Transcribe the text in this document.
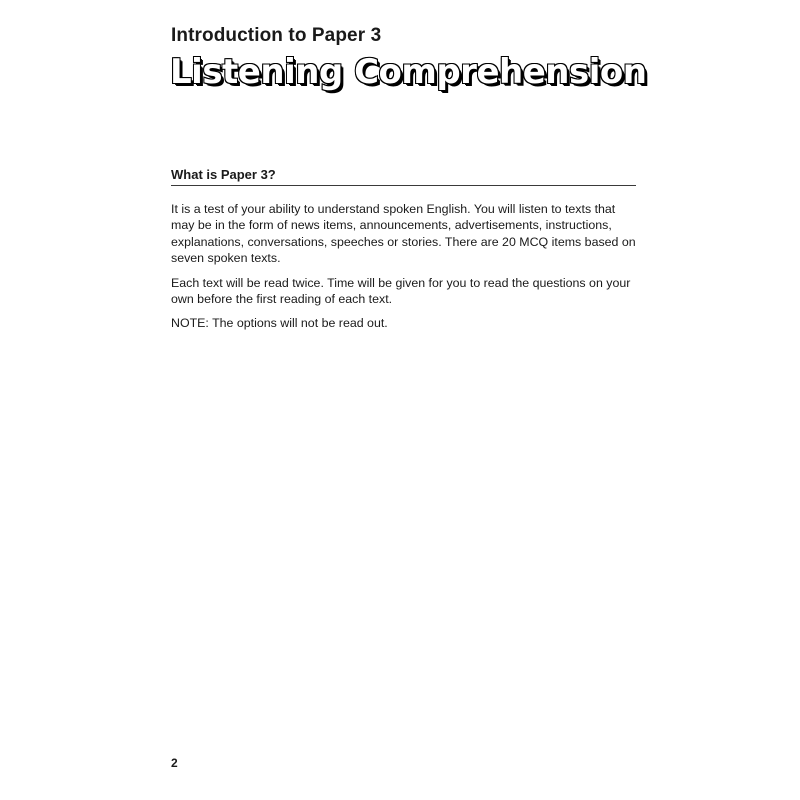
Introduction to Paper 3
Listening Comprehension
What is Paper 3?

It is a test of your ability to understand spoken English. You will listen to texts that may be in the form of news items, announcements, advertisements, instructions, explanations, conversations, speeches or stories. There are 20 MCQ items based on seven spoken texts.

Each text will be read twice. Time will be given for you to read the questions on your own before the first reading of each text.

NOTE: The options will not be read out.

2
